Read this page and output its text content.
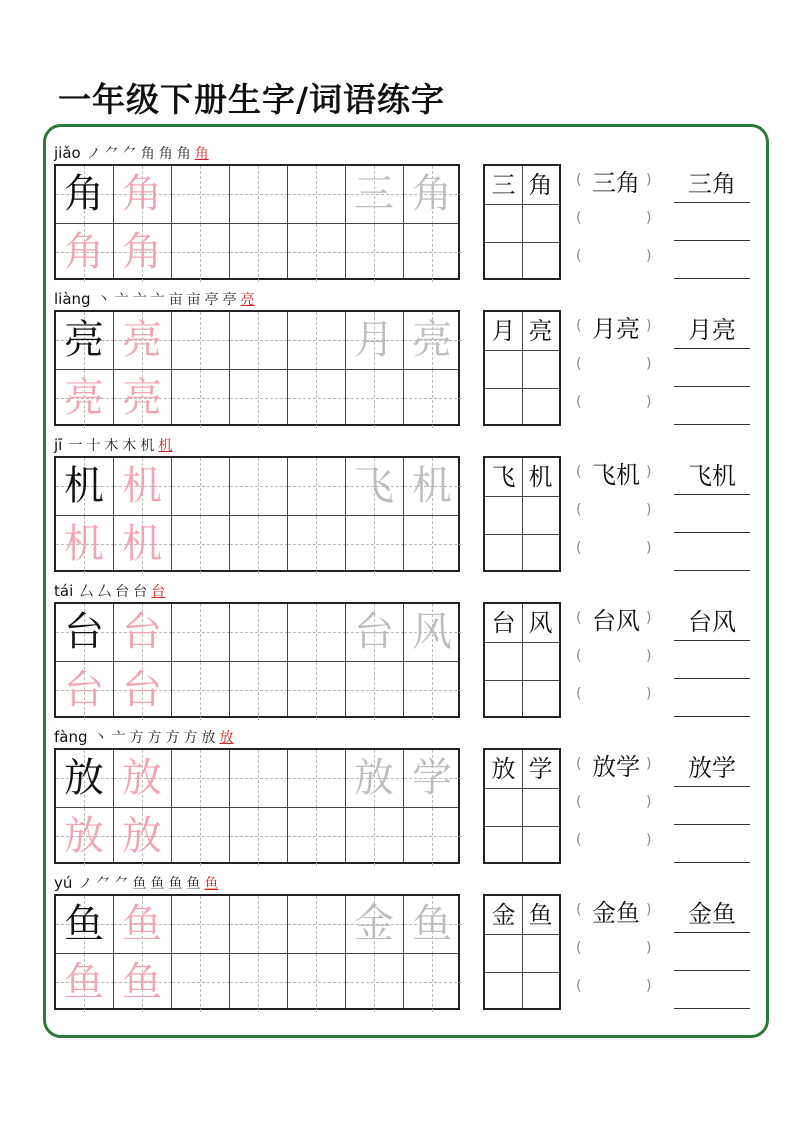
一年级下册生字/词语练字
jiǎo ノ ⺈ ⺈ 角 角 角 角
角 角
角 角
三 角	三 角	三角
(	)
(	)
(	)
三角
liàng 丶 亠 亠 亠 亩 亩 亭 亭 亮
亮 亮
亮 亮
月 亮	月 亮	月亮
(	)
(	)
(	)
月亮
jī 一 十 木 木 机 机
机 机
机 机
飞 机	飞 机	飞机
(	)
(	)
(	)
飞机
tái 厶 厶 台 台 台
台 台
台 台
台 风	台 风	台风
(	)
(	)
(	)
台风
fàng 丶 亠 方 方 方 方 放 放
放 放
放 放
放 学	放 学	放学
(	)
(	)
(	)
放学
yú ノ ⺈ ⺈ 鱼 鱼 鱼 鱼 鱼
鱼 鱼
鱼 鱼
金 鱼	金 鱼	金鱼
(	)
(	)
(	)
金鱼
